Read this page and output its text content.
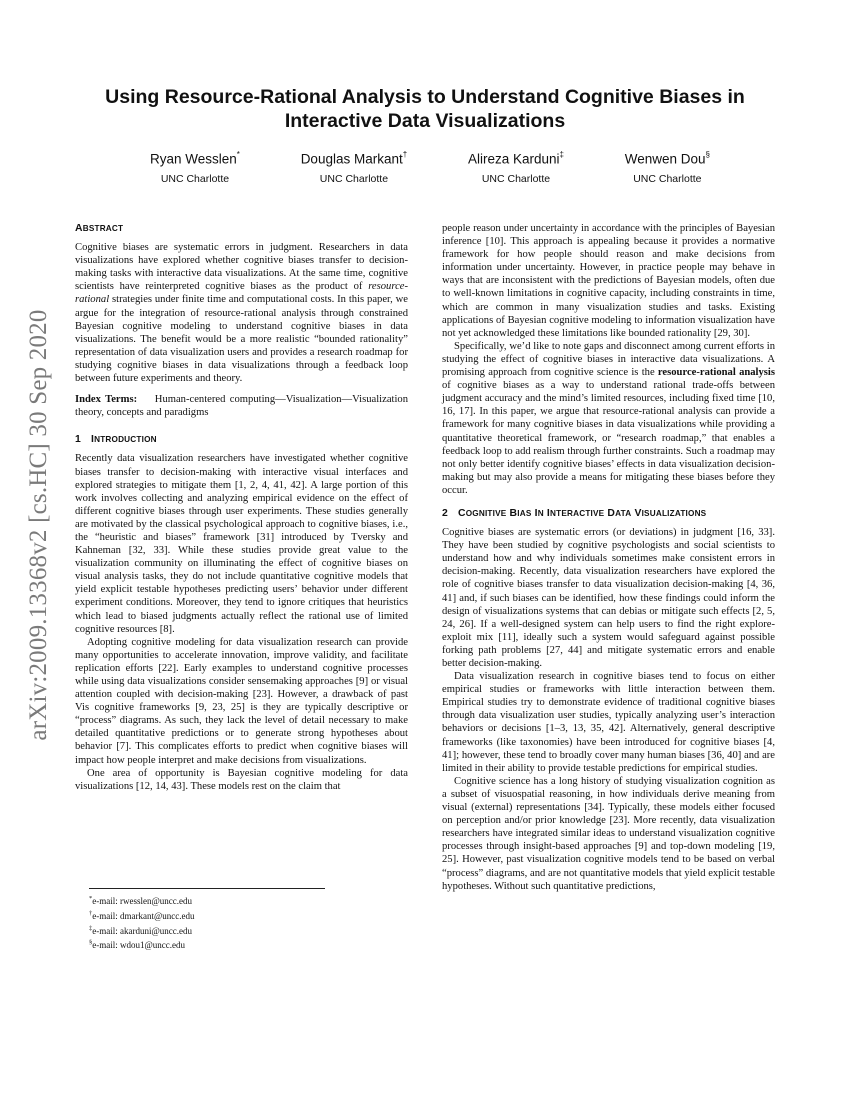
arXiv:2009.13368v2 [cs.HC] 30 Sep 2020
Using Resource-Rational Analysis to Understand Cognitive Biases in
Interactive Data Visualizations
Ryan Wesslen*
UNC Charlotte
Douglas Markant†
UNC Charlotte
Alireza Karduni‡
UNC Charlotte
Wenwen Dou§
UNC Charlotte
ABSTRACT

Cognitive biases are systematic errors in judgment. Researchers in data visualizations have explored whether cognitive biases transfer to decision-making tasks with interactive data visualizations. At the same time, cognitive scientists have reinterpreted cognitive biases as the product of resource-rational strategies under finite time and computational costs. In this paper, we argue for the integration of resource-rational analysis through constrained Bayesian cognitive modeling to understand cognitive biases in data visualizations. The benefit would be a more realistic “bounded rationality” representation of data visualization users and provides a research roadmap for studying cognitive biases in data visualizations through a feedback loop between future experiments and theory.

Index Terms: Human-centered computing—Visualization—Visualization theory, concepts and paradigms

1 INTRODUCTION

Recently data visualization researchers have investigated whether cognitive biases transfer to decision-making with interactive visual interfaces and explored strategies to mitigate them [1, 2, 4, 41, 42]. A large portion of this work involves collecting and analyzing empirical evidence on the effect of different cognitive biases through user experiments. These studies generally are motivated by the classical psychological approach to cognitive biases, i.e., the “heuristic and biases” framework [31] introduced by Tversky and Kahneman [32, 33]. While these studies provide great value to the visualization community on illuminating the effect of cognitive biases on visual analysis tasks, they do not include quantitative cognitive models that yield explicit testable hypotheses predicting users’ behavior under different experiment conditions. Moreover, they tend to ignore critiques that heuristics which lead to biased judgments actually reflect the rational use of limited cognitive resources [8].

Adopting cognitive modeling for data visualization research can provide many opportunities to accelerate innovation, improve validity, and facilitate replication efforts [22]. Early examples to understand cognitive processes while using data visualizations consider sensemaking approaches [9] or visual attention coupled with decision-making [23]. However, a drawback of past Vis cognitive frameworks [9, 23, 25] is they are typically descriptive or “process” diagrams. As such, they lack the level of detail necessary to make detailed quantitative predictions or to generate strong hypotheses about behavior [7]. This complicates efforts to predict when cognitive biases will impact how people interpret and make decisions from visualizations.

One area of opportunity is Bayesian cognitive modeling for data visualizations [12, 14, 43]. These models rest on the claim that

*e-mail: rwesslen@uncc.edu
†e-mail: dmarkant@uncc.edu
‡e-mail: akarduni@uncc.edu
§e-mail: wdou1@uncc.edu

people reason under uncertainty in accordance with the principles of Bayesian inference [10]. This approach is appealing because it provides a normative framework for how people should reason and make decisions from information under uncertainty. However, in practice people may behave in ways that are inconsistent with the predictions of Bayesian models, often due to well-known limitations in cognitive capacity, including constraints in time, which are common in many visualization studies and tasks. Existing applications of Bayesian cognitive modeling to information visualization have not yet acknowledged these limitations like bounded rationality [29, 30].

Specifically, we’d like to note gaps and disconnect among current efforts in studying the effect of cognitive biases in interactive data visualizations. A promising approach from cognitive science is the resource-rational analysis of cognitive biases as a way to understand rational trade-offs between judgment accuracy and the mind’s limited resources, including fixed time [10, 16, 17]. In this paper, we argue that resource-rational analysis can provide a framework for many cognitive biases in data visualizations while providing a quantitative theoretical framework, or “research roadmap,” that enables a feedback loop to add realism through further constraints. Such a roadmap may not only better identify cognitive biases’ effects in data visualization decision-making but may also provide a means for mitigating these biases before they occur.

2 COGNITIVE BIAS IN INTERACTIVE DATA VISUALIZATIONS

Cognitive biases are systematic errors (or deviations) in judgment [16, 33]. They have been studied by cognitive psychologists and social scientists to understand how and why individuals sometimes make consistent errors in decision-making. Recently, data visualization researchers have explored the role of cognitive biases transfer to data visualization decision-making [4, 36, 41] and, if such biases can be identified, how these findings could inform the design of visualizations systems that can debias or mitigate such effects [2, 5, 24, 26]. If a well-designed system can help users to find the right explore-exploit mix [11], ideally such a system would safeguard against possible forking path problems [27, 44] and mitigate systematic errors and enable better decision-making.

Data visualization research in cognitive biases tend to focus on either empirical studies or frameworks with little interaction between them. Empirical studies try to demonstrate evidence of traditional cognitive biases through data visualization user studies, typically analyzing user’s interaction behaviors or decisions [1–3, 13, 35, 42]. Alternatively, general descriptive frameworks (like taxonomies) have been introduced for cognitive biases [4, 41]; however, these tend to broadly cover many human biases [36, 40] and are limited in their ability to provide testable predictions for empirical studies.

Cognitive science has a long history of studying visualization cognition as a subset of visuospatial reasoning, in how individuals derive meaning from visual (external) representations [34]. Typically, these models either focused on perception and/or prior knowledge [23]. More recently, data visualization researchers have integrated similar ideas to understand visualization cognitive processes through insight-based approaches [9] and top-down modeling [19, 25]. However, past visualization cognitive models tend to be based on verbal “process” diagrams, and are not quantitative models that yield explicit testable hypotheses. Without such quantitative predictions,
